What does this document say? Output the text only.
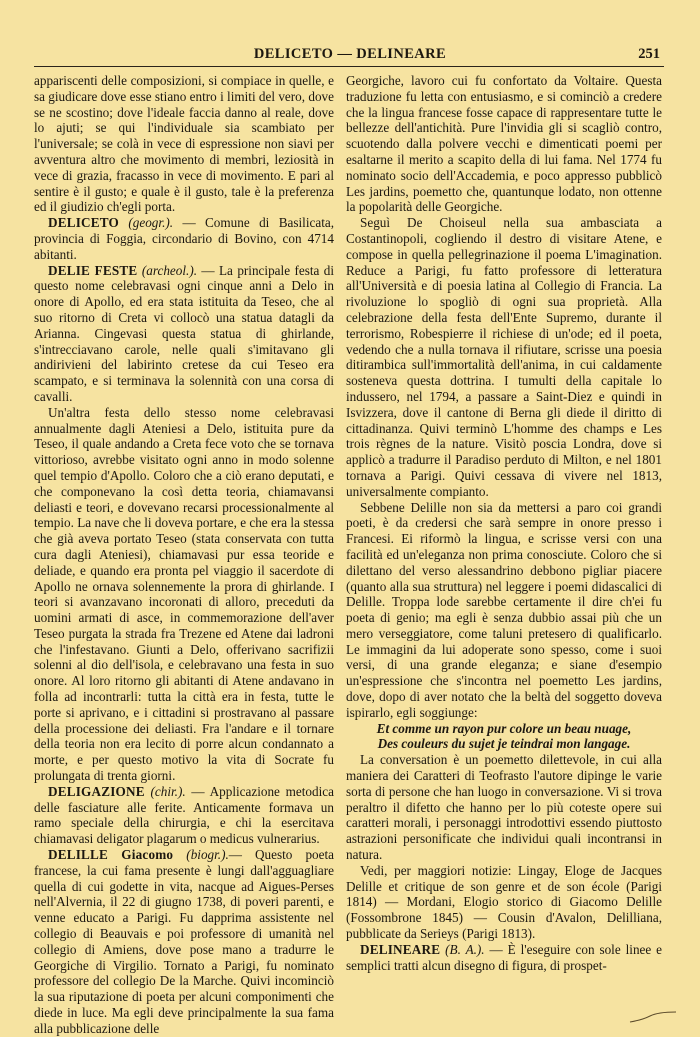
DELICETO — DELINEARE	251

appariscenti delle composizioni, si compiace in quelle, e sa giudicare dove esse stiano entro i limiti del vero, dove se ne scostino; dove l'ideale faccia danno al reale, dove lo ajuti; se qui l'individuale sia scambiato per l'universale; se colà in vece di espressione non siavi per avventura altro che movimento di membri, leziosità in vece di grazia, fracasso in vece di movimento. E pari al sentire è il gusto; e quale è il gusto, tale è la preferenza ed il giudizio ch'egli porta.

DELICETO (geogr.). — Comune di Basilicata, provincia di Foggia, circondario di Bovino, con 4714 abitanti.

DELIE FESTE (archeol.). — La principale festa di questo nome celebravasi ogni cinque anni a Delo in onore di Apollo, ed era stata istituita da Teseo, che al suo ritorno di Creta vi collocò una statua datagli da Arianna. Cingevasi questa statua di ghirlande, s'intrecciavano carole, nelle quali s'imitavano gli andirivieni del labirinto cretese da cui Teseo era scampato, e si terminava la solennità con una corsa di cavalli.

Un'altra festa dello stesso nome celebravasi annualmente dagli Ateniesi a Delo, istituita pure da Teseo, il quale andando a Creta fece voto che se tornava vittorioso, avrebbe visitato ogni anno in modo solenne quel tempio d'Apollo. Coloro che a ciò erano deputati, e che componevano la così detta teoria, chiamavansi deliasti e teori, e dovevano recarsi processionalmente al tempio. La nave che li doveva portare, e che era la stessa che già aveva portato Teseo (stata conservata con tutta cura dagli Ateniesi), chiamavasi pur essa teoride e deliade, e quando era pronta pel viaggio il sacerdote di Apollo ne ornava solennemente la prora di ghirlande. I teori si avanzavano incoronati di allorо, preceduti da uomini armati di asce, in commemorazione dell'aver Teseo purgata la strada fra Trezene ed Atene dai ladroni che l'infestavano. Giunti a Delo, offerivano sacrifizii solenni al dio dell'isola, e celebravano una festa in suo onore. Al loro ritorno gli abitanti di Atene andavano in folla ad incontrarli: tutta la città era in festa, tutte le porte si aprivano, e i cittadini si prostravano al passare della processione dei deliasti. Fra l'andare e il tornare della teoria non era lecito di porre alcun condannato a morte, e per questo motivo la vita di Socrate fu prolungata di trenta giorni.

DELIGAZIONE (chir.). — Applicazione metodica delle fasciature alle ferite. Anticamente formava un ramo speciale della chirurgia, e chi la esercitava chiamavasi deligator plagarum o medicus vulnerarius.

DELILLE Giacomo (biogr.).— Questo poeta francese, la cui fama presente è lungi dall'agguagliare quella di cui godette in vita, nacque ad Aigues-Perses nell'Alvernia, il 22 di giugno 1738, di poveri parenti, e venne educato a Parigi. Fu dapprima assistente nel collegio di Beauvais e poi professore di umanità nel collegio di Amiens, dove pose mano a tradurre le Georgiche di Virgilio. Tornato a Parigi, fu nominato professore del collegio De la Marche. Quivi incominciò la sua riputazione di poeta per alcuni componimenti che diede in luce. Ma egli deve principalmente la sua fama alla pubblicazione delle

Georgiche, lavoro cui fu confortato da Voltaire. Questa traduzione fu letta con entusiasmo, e si cominciò a credere che la lingua francese fosse capace di rappresentare tutte le bellezze dell'antichità. Pure l'invidia gli si scagliò contro, scuotendo dalla polvere vecchi e dimenticati poemi per esaltarne il merito a scapito della di lui fama. Nel 1774 fu nominato socio dell'Accademia, e poco appresso pubblicò Les jardins, poemetto che, quantunque lodato, non ottenne la popolarità delle Georgiche.

Seguì De Choiseul nella sua ambasciata a Costantinopoli, cogliendo il destro di visitare Atene, e compose in quella pellegrinazione il poema L'imagination. Reduce a Parigi, fu fatto professore di letteratura all'Università e di poesia latina al Collegio di Francia. La rivoluzione lo spogliò di ogni sua proprietà. Alla celebrazione della festa dell'Ente Supremo, durante il terrorismo, Robespierre il richiese di un'ode; ed il poeta, vedendo che a nulla tornava il rifiutare, scrisse una poesia ditirambica sull'immortalità dell'anima, in cui caldamente sosteneva questa dottrina. I tumulti della capitale lo indussero, nel 1794, a passare a Saint-Diez e quindi in Isvizzera, dove il cantone di Berna gli diede il diritto di cittadinanza. Quivi terminò L'homme des champs e Les trois règnes de la nature. Visitò poscia Londra, dove si applicò a tradurre il Paradiso perduto di Milton, e nel 1801 tornava a Parigi. Quivi cessava di vivere nel 1813, universalmente compianto.

Sebbene Delille non sia da mettersi a paro coi grandi poeti, è da credersi che sarà sempre in onore presso i Francesi. Ei riformò la lingua, e scrisse versi con una facilità ed un'eleganza non prima conosciute. Coloro che si dilettano del verso alessandrino debbono pigliar piacere (quanto alla sua struttura) nel leggere i poemi didascalici di Delille. Troppa lode sarebbe certamente il dire ch'ei fu poeta di genio; ma egli è senza dubbio assai più che un mero verseggiatore, come taluni pretesero di qualificarlo. Le immagini da lui adoperate sono spesso, come i suoi versi, di una grande eleganza; e siane d'esempio un'espressione che s'incontra nel poemetto Les jardins, dove, dopo di aver notato che la beltà del soggetto doveva ispirarlo, egli soggiunge:

Et comme un rayon pur colore un beau nuage,
Des couleurs du sujet je teindrai mon langage.

La conversation è un poemetto dilettevole, in cui alla maniera dei Caratteri di Teofrasto l'autore dipinge le varie sorta di persone che han luogo in conversazione. Vi si trova peraltro il difetto che hanno per lo più coteste opere sui caratteri morali, i personaggi introdottivi essendo piuttosto astrazioni personificate che individui quali incontransi in natura.

Vedi, per maggiori notizie: Lingay, Eloge de Jacques Delille et critique de son genre et de son école (Parigi 1814) — Mordani, Elogio storico di Giacomo Delille (Fossombrone 1845) — Cousin d'Avalon, Delilliana, pubblicate da Serieys (Parigi 1813).

DELINEARE (B. A.). — È l'eseguire con sole linee e semplici tratti alcun disegno di figura, di prospet-
